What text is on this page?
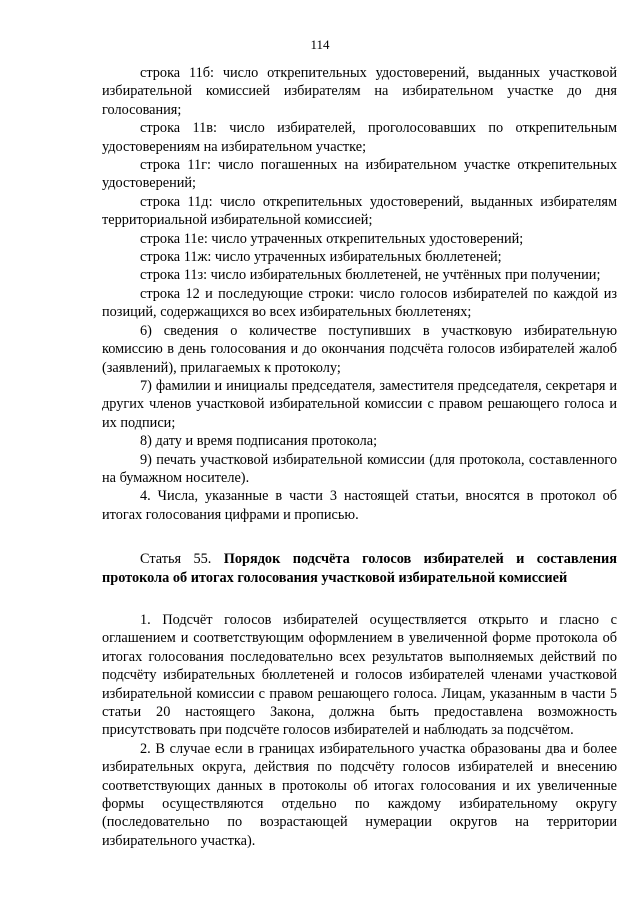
114

строка 11б: число открепительных удостоверений, выданных участковой избирательной комиссией избирателям на избирательном участке до дня голосования;

строка 11в: число избирателей, проголосовавших по открепительным удостоверениям на избирательном участке;

строка 11г: число погашенных на избирательном участке открепительных удостоверений;

строка 11д: число открепительных удостоверений, выданных избирателям территориальной избирательной комиссией;

строка 11е: число утраченных открепительных удостоверений;

строка 11ж: число утраченных избирательных бюллетеней;

строка 11з: число избирательных бюллетеней, не учтённых при получении;

строка 12 и последующие строки: число голосов избирателей по каждой из позиций, содержащихся во всех избирательных бюллетенях;

6) сведения о количестве поступивших в участковую избирательную комиссию в день голосования и до окончания подсчёта голосов избирателей жалоб (заявлений), прилагаемых к протоколу;

7) фамилии и инициалы председателя, заместителя председателя, секретаря и других членов участковой избирательной комиссии с правом решающего голоса и их подписи;

8) дату и время подписания протокола;

9) печать участковой избирательной комиссии (для протокола, составленного на бумажном носителе).

4. Числа, указанные в части 3 настоящей статьи, вносятся в протокол об итогах голосования цифрами и прописью.

Статья 55. Порядок подсчёта голосов избирателей и составления протокола об итогах голосования участковой избирательной комиссией

1. Подсчёт голосов избирателей осуществляется открыто и гласно с оглашением и соответствующим оформлением в увеличенной форме протокола об итогах голосования последовательно всех результатов выполняемых действий по подсчёту избирательных бюллетеней и голосов избирателей членами участковой избирательной комиссии с правом решающего голоса. Лицам, указанным в части 5 статьи 20 настоящего Закона, должна быть предоставлена возможность присутствовать при подсчёте голосов избирателей и наблюдать за подсчётом.

2. В случае если в границах избирательного участка образованы два и более избирательных округа, действия по подсчёту голосов избирателей и внесению соответствующих данных в протоколы об итогах голосования и их увеличенные формы осуществляются отдельно по каждому избирательному округу (последовательно по возрастающей нумерации округов на территории избирательного участка).
